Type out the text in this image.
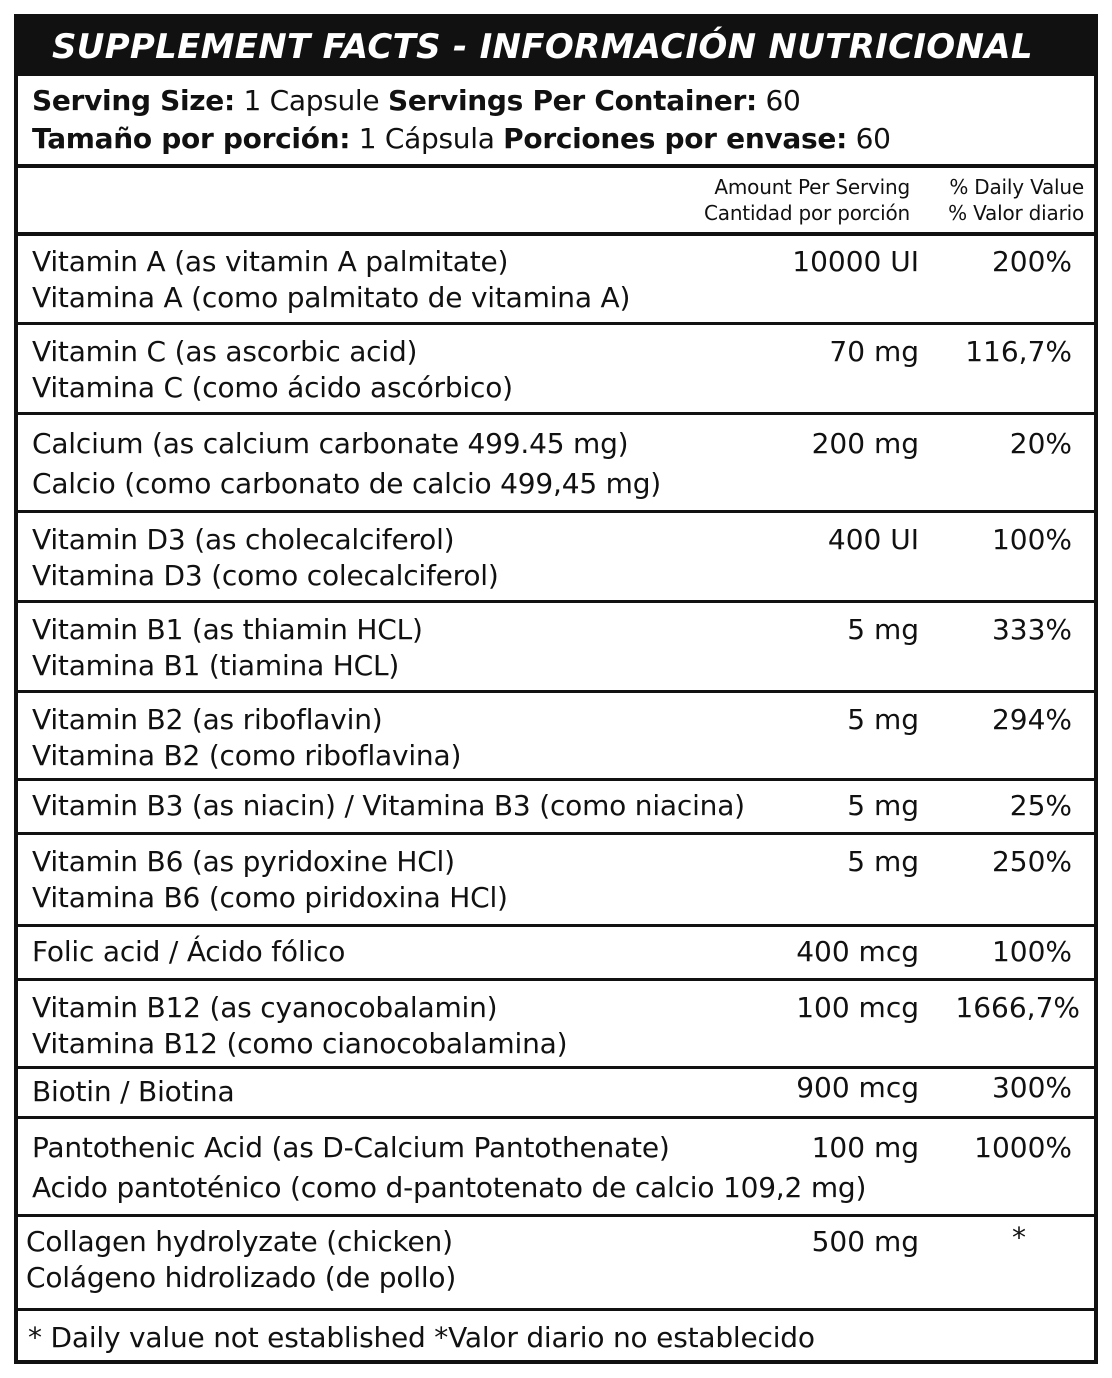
SUPPLEMENT FACTS - INFORMACIÓN NUTRICIONAL
Serving Size: 1 Capsule Servings Per Container: 60
Tamaño por porción: 1 Cápsula Porciones por envase: 60
Amount Per Serving
Cantidad por porción
% Daily Value
% Valor diario
Vitamin A (as vitamin A palmitate)
Vitamina A (como palmitato de vitamina A)
10000 UI	200%
Vitamin C (as ascorbic acid)
Vitamina C (como ácido ascórbico)
70 mg 116,7%
Calcium (as calcium carbonate 499.45 mg)
Calcio (como carbonato de calcio 499,45 mg)
200 mg	20%
Vitamin D3 (as cholecalciferol)
Vitamina D3 (como colecalciferol)
400 UI	100%
Vitamin B1 (as thiamin HCL)
Vitamina B1 (tiamina HCL)
5 mg	333%
Vitamin B2 (as riboflavin)
Vitamina B2 (como riboflavina)
5 mg	294%
Vitamin B3 (as niacin) / Vitamina B3 (como niacina)	5 mg	25%
Vitamin B6 (as pyridoxine HCl)
Vitamina B6 (como piridoxina HCl)
5 mg	250%
Folic acid / Ácido fólico	400 mcg	100%
Vitamin B12 (as cyanocobalamin)
Vitamina B12 (como cianocobalamina)
100 mcg 1666,7%
Biotin / Biotina	900 mcg	300%
Pantothenic Acid (as D-Calcium Pantothenate)
Acido pantoténico (como d-pantotenato de calcio 109,2 mg)
100 mg 1000%
Collagen hydrolyzate (chicken)
Colágeno hidrolizado (de pollo)
500 mg	*
* Daily value not established *Valor diario no establecido
